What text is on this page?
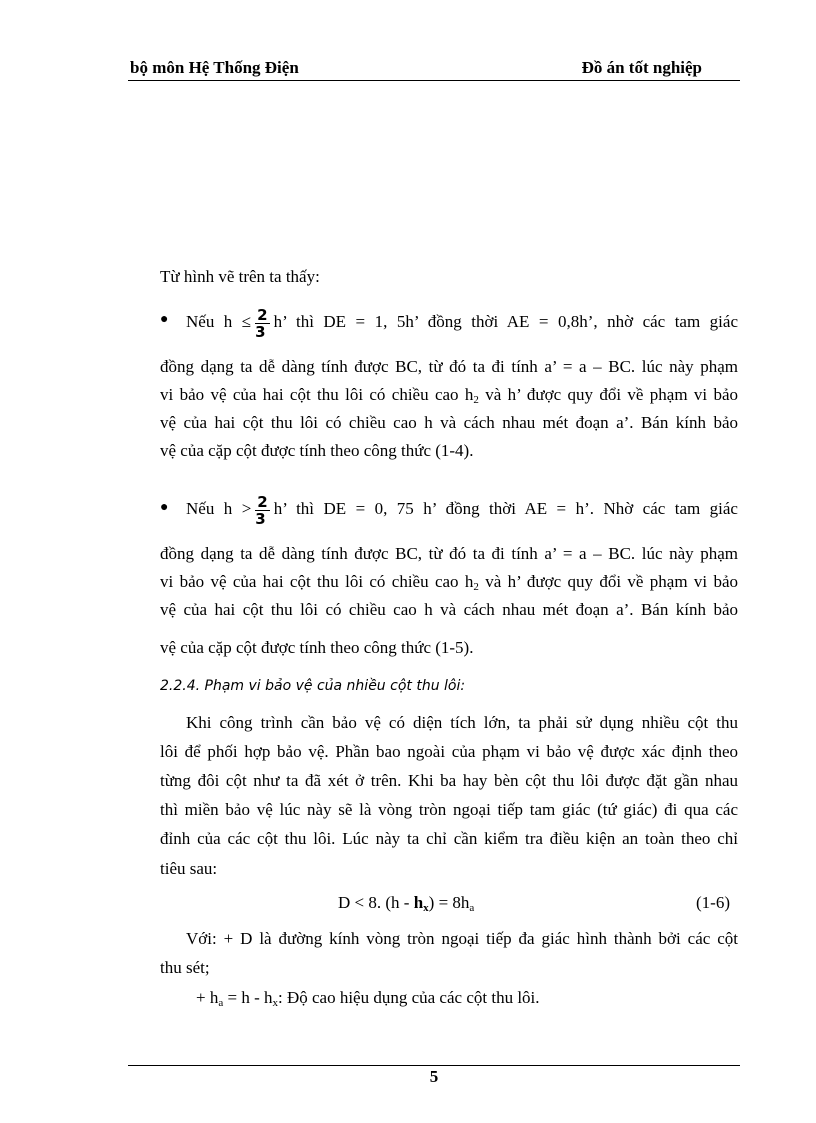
bộ môn Hệ Thống Điện	Đồ án tốt nghiệp
Từ hình vẽ trên ta thấy:
● Nếu $h \le \frac{2}{3} h$’ thì DE = 1, 5h’ đồng thời AE = 0,8h’, nhờ các tam giác
đồng dạng ta dễ dàng tính được BC, từ đó ta đi tính a’ = a – BC. lúc này phạm
vi bảo vệ của hai cột thu lôi có chiều cao $h_2$ và h’ được quy đổi về phạm vi bảo
vệ của hai cột thu lôi có chiều cao h và cách nhau mét đoạn a’. Bán kính bảo
vệ của cặp cột được tính theo công thức (1-4).
● Nếu $h > \frac{2}{3} h$’ thì DE = 0, 75 h’ đồng thời AE = h’. Nhờ các tam giác
đồng dạng ta dễ dàng tính được BC, từ đó ta đi tính a’ = a – BC. lúc này phạm
vi bảo vệ của hai cột thu lôi có chiều cao $h_2$ và h’ được quy đổi về phạm vi bảo
vệ của hai cột thu lôi có chiều cao h và cách nhau mét đoạn a’. Bán kính bảo
vệ của cặp cột được tính theo công thức (1-5).
2.2.4. Phạm vi bảo vệ của nhiều cột thu lôi:
Khi công trình cần bảo vệ có diện tích lớn, ta phải sử dụng nhiều cột thu
lôi để phối hợp bảo vệ. Phần bao ngoài của phạm vi bảo vệ được xác định theo
từng đôi cột như ta đã xét ở trên. Khi ba hay bèn cột thu lôi được đặt gần nhau
thì miền bảo vệ lúc này sẽ là vòng tròn ngoại tiếp tam giác (tứ giác) đi qua các
đỉnh của các cột thu lôi. Lúc này ta chỉ cần kiểm tra điều kiện an toàn theo chỉ
tiêu sau:
D < 8. $(h - h_x) = 8h_a$	(1-6)
Với: + D là đường kính vòng tròn ngoại tiếp đa giác hình thành bởi các cột
thu sét;
+ $h_a = h - h_x$: Độ cao hiệu dụng của các cột thu lôi.
5
